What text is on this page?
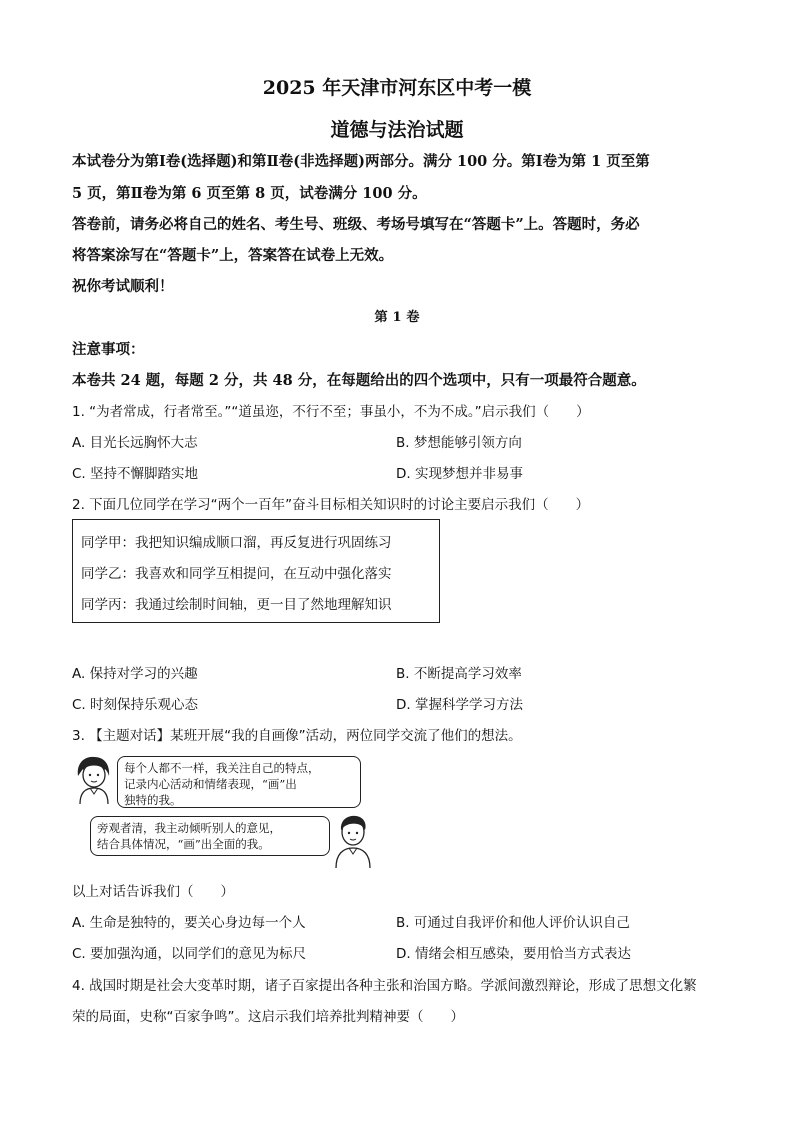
2025 年天津市河东区中考一模
道德与法治试题
本试卷分为第Ⅰ卷(选择题)和第Ⅱ卷(非选择题)两部分。满分 100 分。第Ⅰ卷为第 1 页至第
5 页，第Ⅱ卷为第 6 页至第 8 页，试卷满分 100 分。
答卷前，请务必将自己的姓名、考生号、班级、考场号填写在“答题卡”上。答题时，务必
将答案涂写在“答题卡”上，答案答在试卷上无效。
祝你考试顺利！
第 1 卷
注意事项：
本卷共 24 题，每题 2 分，共 48 分，在每题给出的四个选项中，只有一项最符合题意。
1. “为者常成，行者常至。”“道虽迩，不行不至；事虽小，不为不成。”启示我们（　　）
A. 目光长远胸怀大志	B. 梦想能够引领方向
C. 坚持不懈脚踏实地	D. 实现梦想并非易事
2. 下面几位同学在学习“两个一百年”奋斗目标相关知识时的讨论主要启示我们（　　）
同学甲：我把知识编成顺口溜，再反复进行巩固练习
同学乙：我喜欢和同学互相提问，在互动中强化落实
同学丙：我通过绘制时间轴，更一目了然地理解知识
A. 保持对学习的兴趣	B. 不断提高学习效率
C. 时刻保持乐观心态	D. 掌握科学学习方法
3. 【主题对话】某班开展“我的自画像”活动，两位同学交流了他们的想法。
每个人都不一样，我关注自己的特点，
记录内心活动和情绪表现，“画”出
独特的我。
旁观者清，我主动倾听别人的意见，
结合具体情况，“画”出全面的我。
以上对话告诉我们（　　）
A. 生命是独特的，要关心身边每一个人	B. 可通过自我评价和他人评价认识自己
C. 要加强沟通，以同学们的意见为标尺	D. 情绪会相互感染，要用恰当方式表达
4. 战国时期是社会大变革时期，诸子百家提出各种主张和治国方略。学派间激烈辩论，形成了思想文化繁
荣的局面，史称“百家争鸣”。这启示我们培养批判精神要（　　）
